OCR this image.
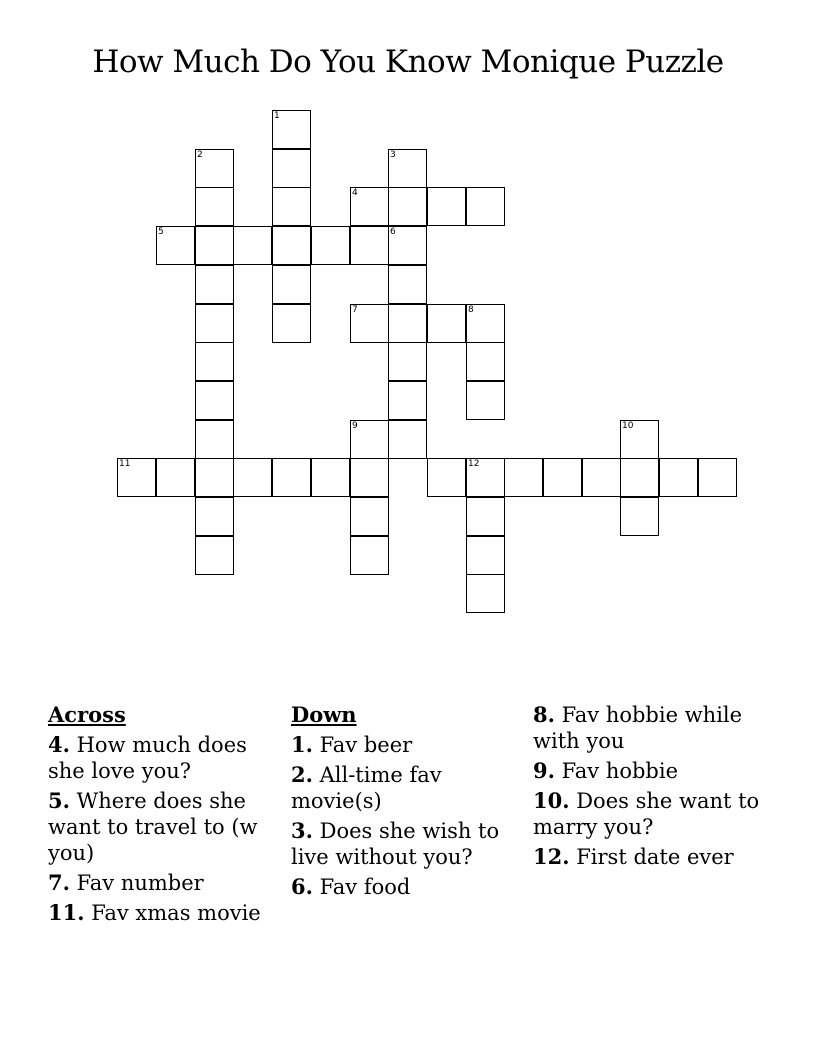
How Much Do You Know Monique Puzzle
1
2	3
4
5	6
7	8
9	10
11	12
Across
4. How much does she love you?
5. Where does she want to travel to (w you)
7. Fav number
11. Fav xmas movie
Down
1. Fav beer
2. All-time fav movie(s)
3. Does she wish to live without you?
6. Fav food
8. Fav hobbie while with you
9. Fav hobbie
10. Does she want to marry you?
12. First date ever
